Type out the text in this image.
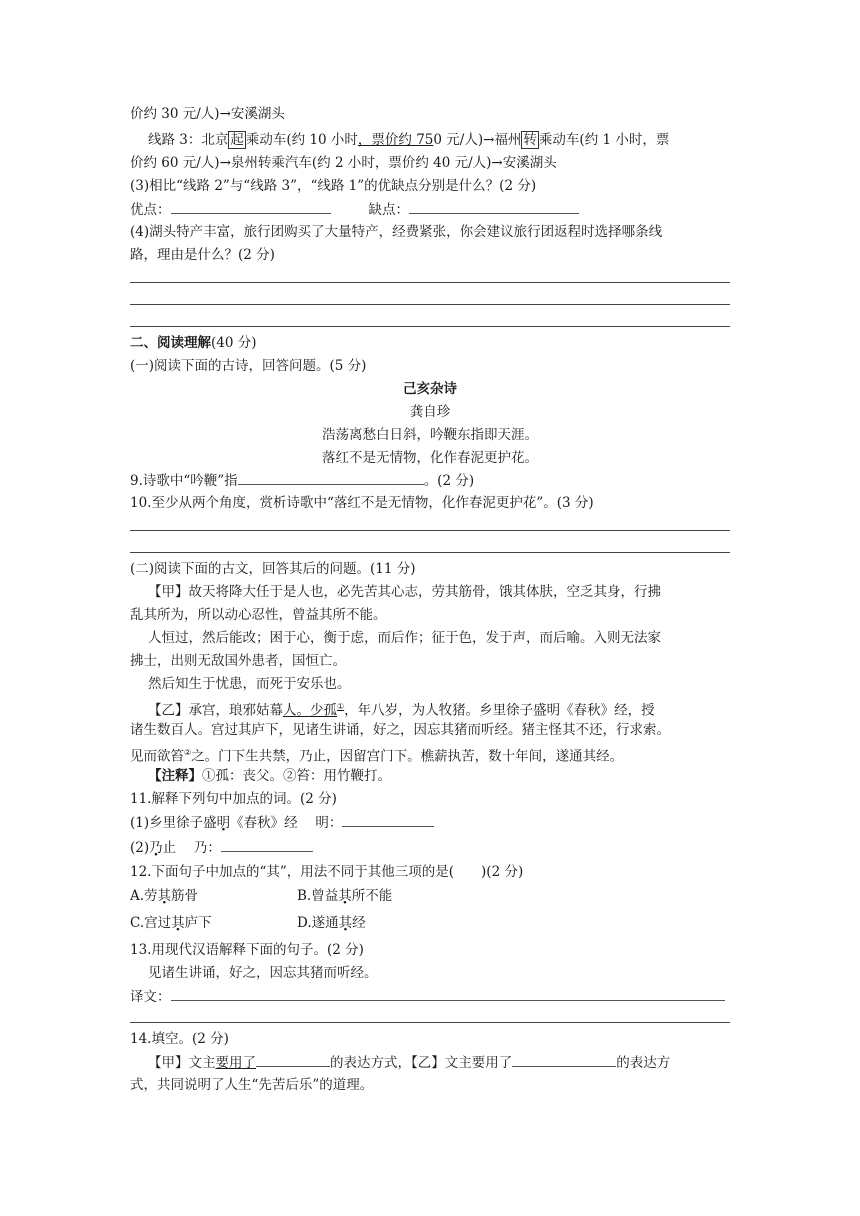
价约 30 元/人)→安溪湖头
线路 3：北京 起 乘动车(约 10 小时，票价约 750 元/人)→福州 转 乘动车(约 1 小时，票
价约 60 元/人)→泉州转乘汽车(约 2 小时，票价约 40 元/人)→安溪湖头
(3)相比“线路 2”与“线路 3”，“线路 1”的优缺点分别是什么？(2 分)
优点：	缺点：
(4)湖头特产丰富，旅行团购买了大量特产，经费紧张，你会建议旅行团返程时选择哪条线
路，理由是什么？(2 分)
二、阅读理解(40 分)
(一)阅读下面的古诗，回答问题。(5 分)
己亥杂诗
龚自珍
浩荡离愁白日斜，吟鞭东指即天涯。
落红不是无情物，化作春泥更护花。
9.诗歌中“吟鞭”指	。(2 分)
10.至少从两个角度，赏析诗歌中“落红不是无情物，化作春泥更护花”。(3 分)
(二)阅读下面的古文，回答其后的问题。(11 分)
【甲】故天将降大任于是人也，必先苦其心志，劳其筋骨，饿其体肤，空乏其身，行拂
乱其所为，所以动心忍性，曾益其所不能。
人恒过，然后能改；困于心，衡于虑，而后作；征于色，发于声，而后喻。入则无法家
拂士，出则无敌国外患者，国恒亡。
然后知生于忧患，而死于安乐也。
【乙】承宫，琅邪姑幕人。少孤①，年八岁，为人牧猪。乡里徐子盛明《春秋》经，授
诸生数百人。宫过其庐下，见诸生讲诵，好之，因忘其猪而听经。猪主怪其不还，行求索。
见而欲笞②之。门下生共禁，乃止，因留宫门下。樵薪执苦，数十年间，遂通其经。
【注释】①孤：丧父。②笞：用竹鞭打。
11.解释下列句中加点的词。(2 分)
(1)乡里徐子盛明《春秋》经　 明：
(2)乃止　 乃：
12.下面句子中加点的“其”，用法不同于其他三项的是(　　)(2 分)
A.劳其筋骨	B.曾益其所不能
C.宫过其庐下	D.遂通其经
13.用现代汉语解释下面的句子。(2 分)
见诸生讲诵，好之，因忘其猪而听经。
译文：
14.填空。(2 分)
【甲】文主要用了	的表达方式，【乙】文主要用了	的表达方
式，共同说明了人生“先苦后乐”的道理。
